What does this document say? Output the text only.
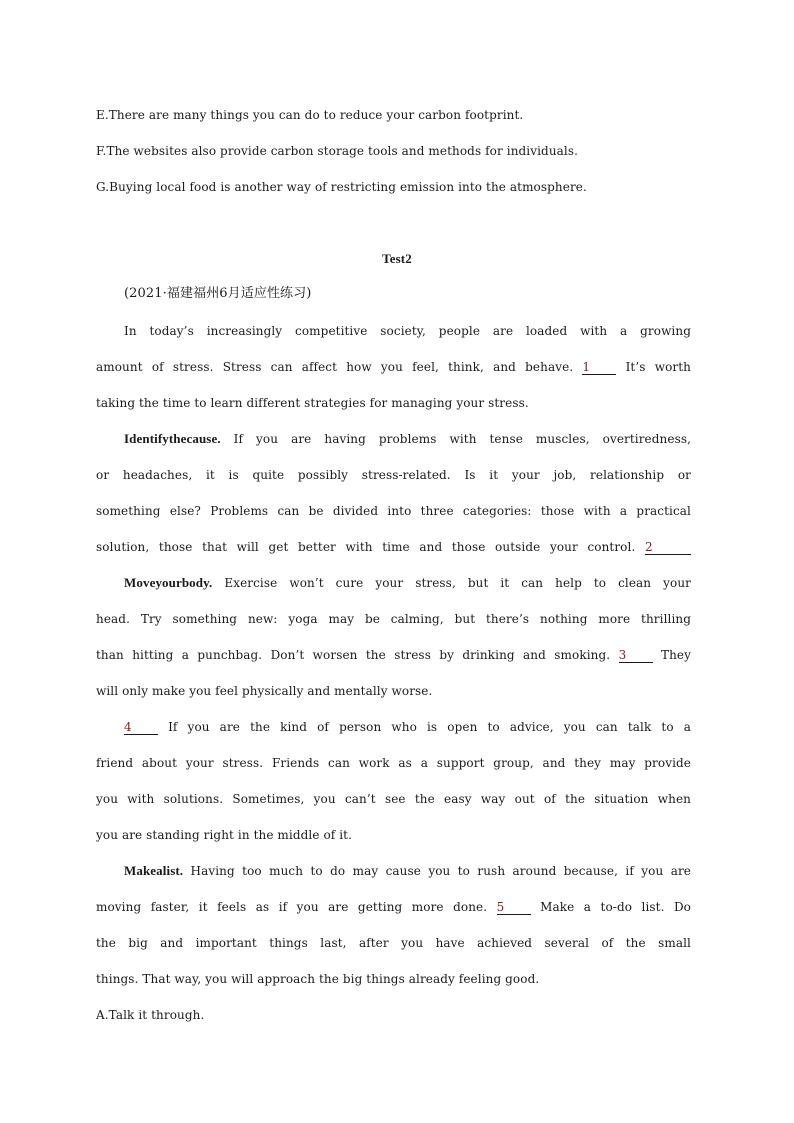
E.There are many things you can do to reduce your carbon footprint.
F.The websites also provide carbon storage tools and methods for individuals.
G.Buying local food is another way of restricting emission into the atmosphere.
Test2
(2021·福建福州6月适应性练习)
In today’s increasingly competitive society, people are loaded with a growing
amount of stress. Stress can affect how you feel, think, and behave. 1	It’s worth
taking the time to learn different strategies for managing your stress.
Identifythecause. If you are having problems with tense muscles, overtiredness,
or headaches, it is quite possibly stress-related. Is it your job, relationship or
something else? Problems can be divided into three categories: those with a practical
solution, those that will get better with time and those outside your control. 2
Moveyourbody. Exercise won’t cure your stress, but it can help to clean your
head. Try something new: yoga may be calming, but there’s nothing more thrilling
than hitting a punchbag. Don’t worsen the stress by drinking and smoking. 3	They
will only make you feel physically and mentally worse.
4	If you are the kind of person who is open to advice, you can talk to a
friend about your stress. Friends can work as a support group, and they may provide
you with solutions. Sometimes, you can’t see the easy way out of the situation when
you are standing right in the middle of it.
Makealist. Having too much to do may cause you to rush around because, if you are
moving faster, it feels as if you are getting more done. 5	Make a to-do list. Do
the big and important things last, after you have achieved several of the small
things. That way, you will approach the big things already feeling good.
A.Talk it through.
